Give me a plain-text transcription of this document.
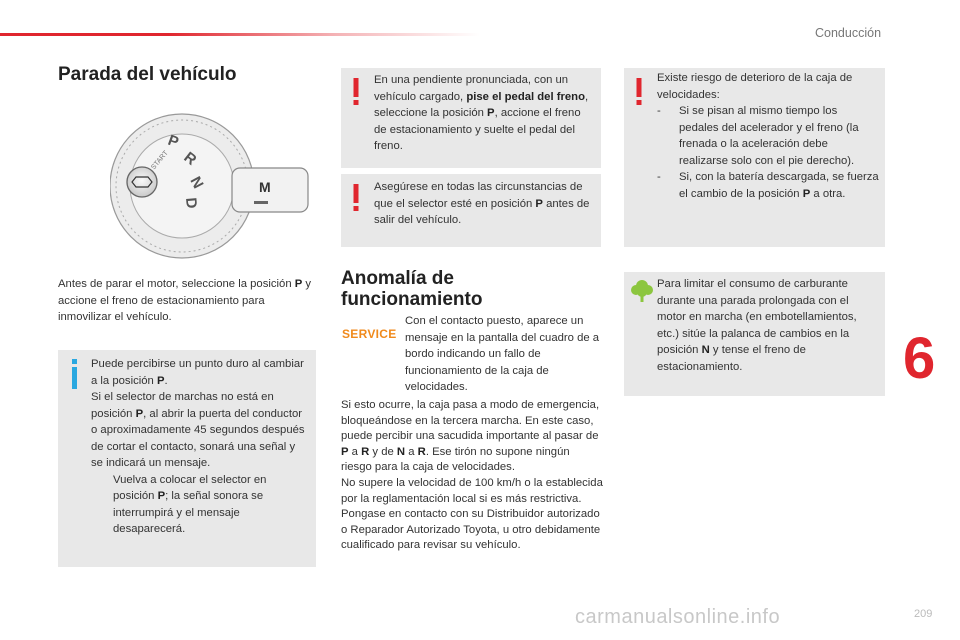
Conducción
6
Parada del vehículo
START
P
R
N
D
M
Antes de parar el motor, seleccione la posición P y accione el freno de estacionamiento para inmovilizar el vehículo.
Puede percibirse un punto duro al cambiar a la posición P.
Si el selector de marchas no está en posición P, al abrir la puerta del conductor o aproximadamente 45 segundos después de cortar el contacto, sonará una señal y se indicará un mensaje.
Vuelva a colocar el selector en posición P; la señal sonora se interrumpirá y el mensaje desaparecerá.
En una pendiente pronunciada, con un vehículo cargado, pise el pedal del freno, seleccione la posición P, accione el freno de estacionamiento y suelte el pedal del freno.
Asegúrese en todas las circunstancias de que el selector esté en posición P antes de salir del vehículo.
Anomalía de
funcionamiento
SERVICE
Con el contacto puesto, aparece un mensaje en la pantalla del cuadro de a bordo indicando un fallo de funcionamiento de la caja de velocidades.
Si esto ocurre, la caja pasa a modo de emergencia, bloqueándose en la tercera marcha. En este caso, puede percibir una sacudida importante al pasar de P a R y de N a R. Ese tirón no supone ningún riesgo para la caja de velocidades.
No supere la velocidad de 100 km/h o la establecida por la reglamentación local si es más restrictiva.
Pongase en contacto con su Distribuidor autorizado o Reparador Autorizado Toyota, u otro debidamente cualificado para revisar su vehículo.
Existe riesgo de deterioro de la caja de velocidades:
-	Si se pisan al mismo tiempo los pedales del acelerador y el freno (la frenada o la aceleración debe realizarse solo con el pie derecho).
-	Si, con la batería descargada, se fuerza el cambio de la posición P a otra.
Para limitar el consumo de carburante durante una parada prolongada con el motor en marcha (en embotellamientos, etc.) sitúe la palanca de cambios en la posición N y tense el freno de estacionamiento.
carmanualsonline.info	209
